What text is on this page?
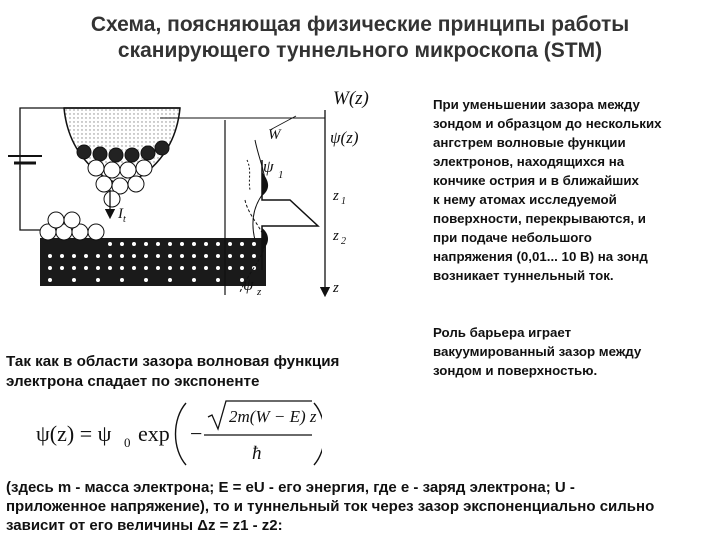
Схема, поясняющая физические принципы работы
сканирующего туннельного микроскопа (STM)
W(z)
ψ(z)
W
ψ 1
ψ z
I t
z 1
z 2
z
При уменьшении зазора между
зондом и образцом до нескольких
ангстрем волновые функции
электронов, находящихся на
кончике острия и в ближайших
к нему атомах исследуемой
поверхности, перекрываются, и
при подаче небольшого
напряжения (0,01... 10 В) на зонд
возникает туннельный ток.
Роль барьера играет
вакуумированный зазор между
зондом и поверхностью.
Так как в области зазора волновая функция
электрона спадает по экспоненте
ψ(z) = ψ 0 exp −
2m(W − E) z
ħ
(здесь m - масса электрона; E = eU - его энергия, где e - заряд электрона; U -
приложенное напряжение), то и туннельный ток через зазор экспоненциально сильно
зависит от его величины Δz = z1 - z2:
